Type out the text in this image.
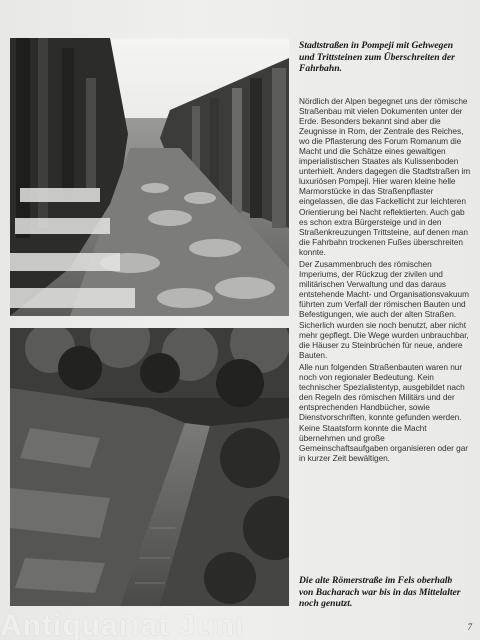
Stadtstraßen in Pompeji mit Gehwegen und Trittsteinen zum Überschreiten der Fahrbahn.

Nördlich der Alpen begegnet uns der römische Straßenbau mit vielen Dokumenten unter der Erde. Besonders bekannt sind aber die Zeugnisse in Rom, der Zentrale des Reiches, wo die Pflasterung des Forum Romanum die Macht und die Schätze eines gewaltigen imperialistischen Staates als Kulissenboden unterhielt. Anders dagegen die Stadtstraßen im luxuriösen Pompeji. Hier waren kleine helle Marmorstücke in das Straßenpflaster eingelassen, die das Fackellicht zur leichteren Orientierung bei Nacht reflektierten. Auch gab es schon extra Bürgersteige und in den Straßenkreuzungen Trittsteine, auf denen man die Fahrbahn trockenen Fußes überschreiten konnte.

Der Zusammenbruch des römischen Imperiums, der Rückzug der zivilen und militärischen Verwaltung und das daraus entstehende Macht- und Organisationsvakuum führten zum Verfall der römischen Bauten und Befestigungen, wie auch der alten Straßen. Sicherlich wurden sie noch benutzt, aber nicht mehr gepflegt. Die Wege wurden unbrauchbar, die Häuser zu Steinbrüchen für neue, andere Bauten.

Alle nun folgenden Straßenbauten waren nur noch von regionaler Bedeutung. Kein technischer Spezialistentyp, ausgebildet nach den Regeln des römischen Militärs und der entsprechenden Handbücher, sowie Dienstvorschriften, konnte gefunden werden. Keine Staatsform konnte die Macht übernehmen und große Gemeinschaftsaufgaben organisieren oder gar in kurzer Zeit bewältigen.

Die alte Römerstraße im Fels oberhalb von Bacharach war bis in das Mittelalter noch genutzt.
Antiquariat Juni	7
